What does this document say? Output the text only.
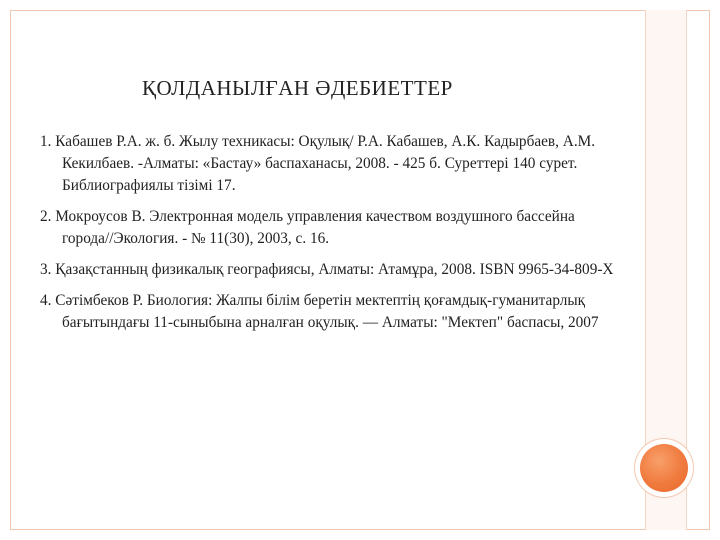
ҚОЛДАНЫЛҒАН ӘДЕБИЕТТЕР
1. Кабашев Р.А. ж. б. Жылу техникасы: Оқулық/ Р.А. Кабашев, А.К. Кадырбаев, А.М. Кекилбаев. -Алматы: «Бастау» баспаханасы, 2008. - 425 б. Суреттері 140 сурет. Библиографиялы тізімі 17.
2. Мокроусов В. Электронная модель управления качеством воздушного бассейна города//Экология. - № 11(30), 2003, с. 16.
3. Қазақстанның физикалық географиясы, Алматы: Атамұра, 2008. ISBN 9965-34-809-X
4. Сәтімбеков Р. Биология: Жалпы білім беретін мектептің қоғамдық-гуманитарлық бағытындағы 11-сыныбына арналған оқулық. — Алматы: "Мектеп" баспасы, 2007
